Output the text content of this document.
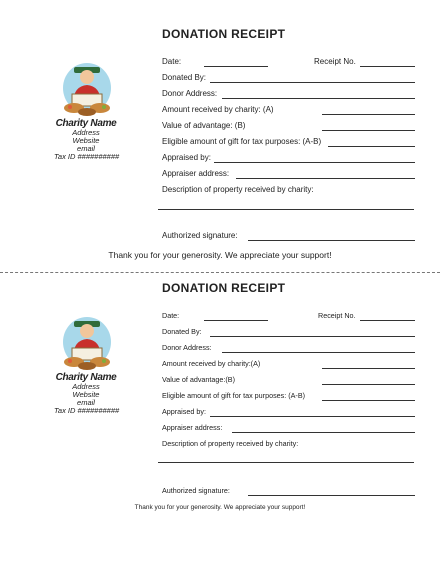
DONATION RECEIPT
Charity Name
Address
Website
email
Tax ID ##########
Date:	Receipt No.
Donated By:
Donor Address:
Amount received by charity: (A)
Value of advantage: (B)
Eligible amount of gift for tax purposes: (A-B)
Appraised by:
Appraiser address:
Description of property received by charity:
Authorized signature:
Thank you for your generosity. We appreciate your support!
DONATION RECEIPT
Charity Name
Address
Website
email
Tax ID ##########
Date:	Receipt No.
Donated By:
Donor Address:
Amount received by charity:(A)
Value of advantage:(B)
Eligible amount of gift for tax purposes: (A-B)
Appraised by:
Appraiser address:
Description of property received by charity:
Authorized signature:
Thank you for your generosity. We appreciate your support!
